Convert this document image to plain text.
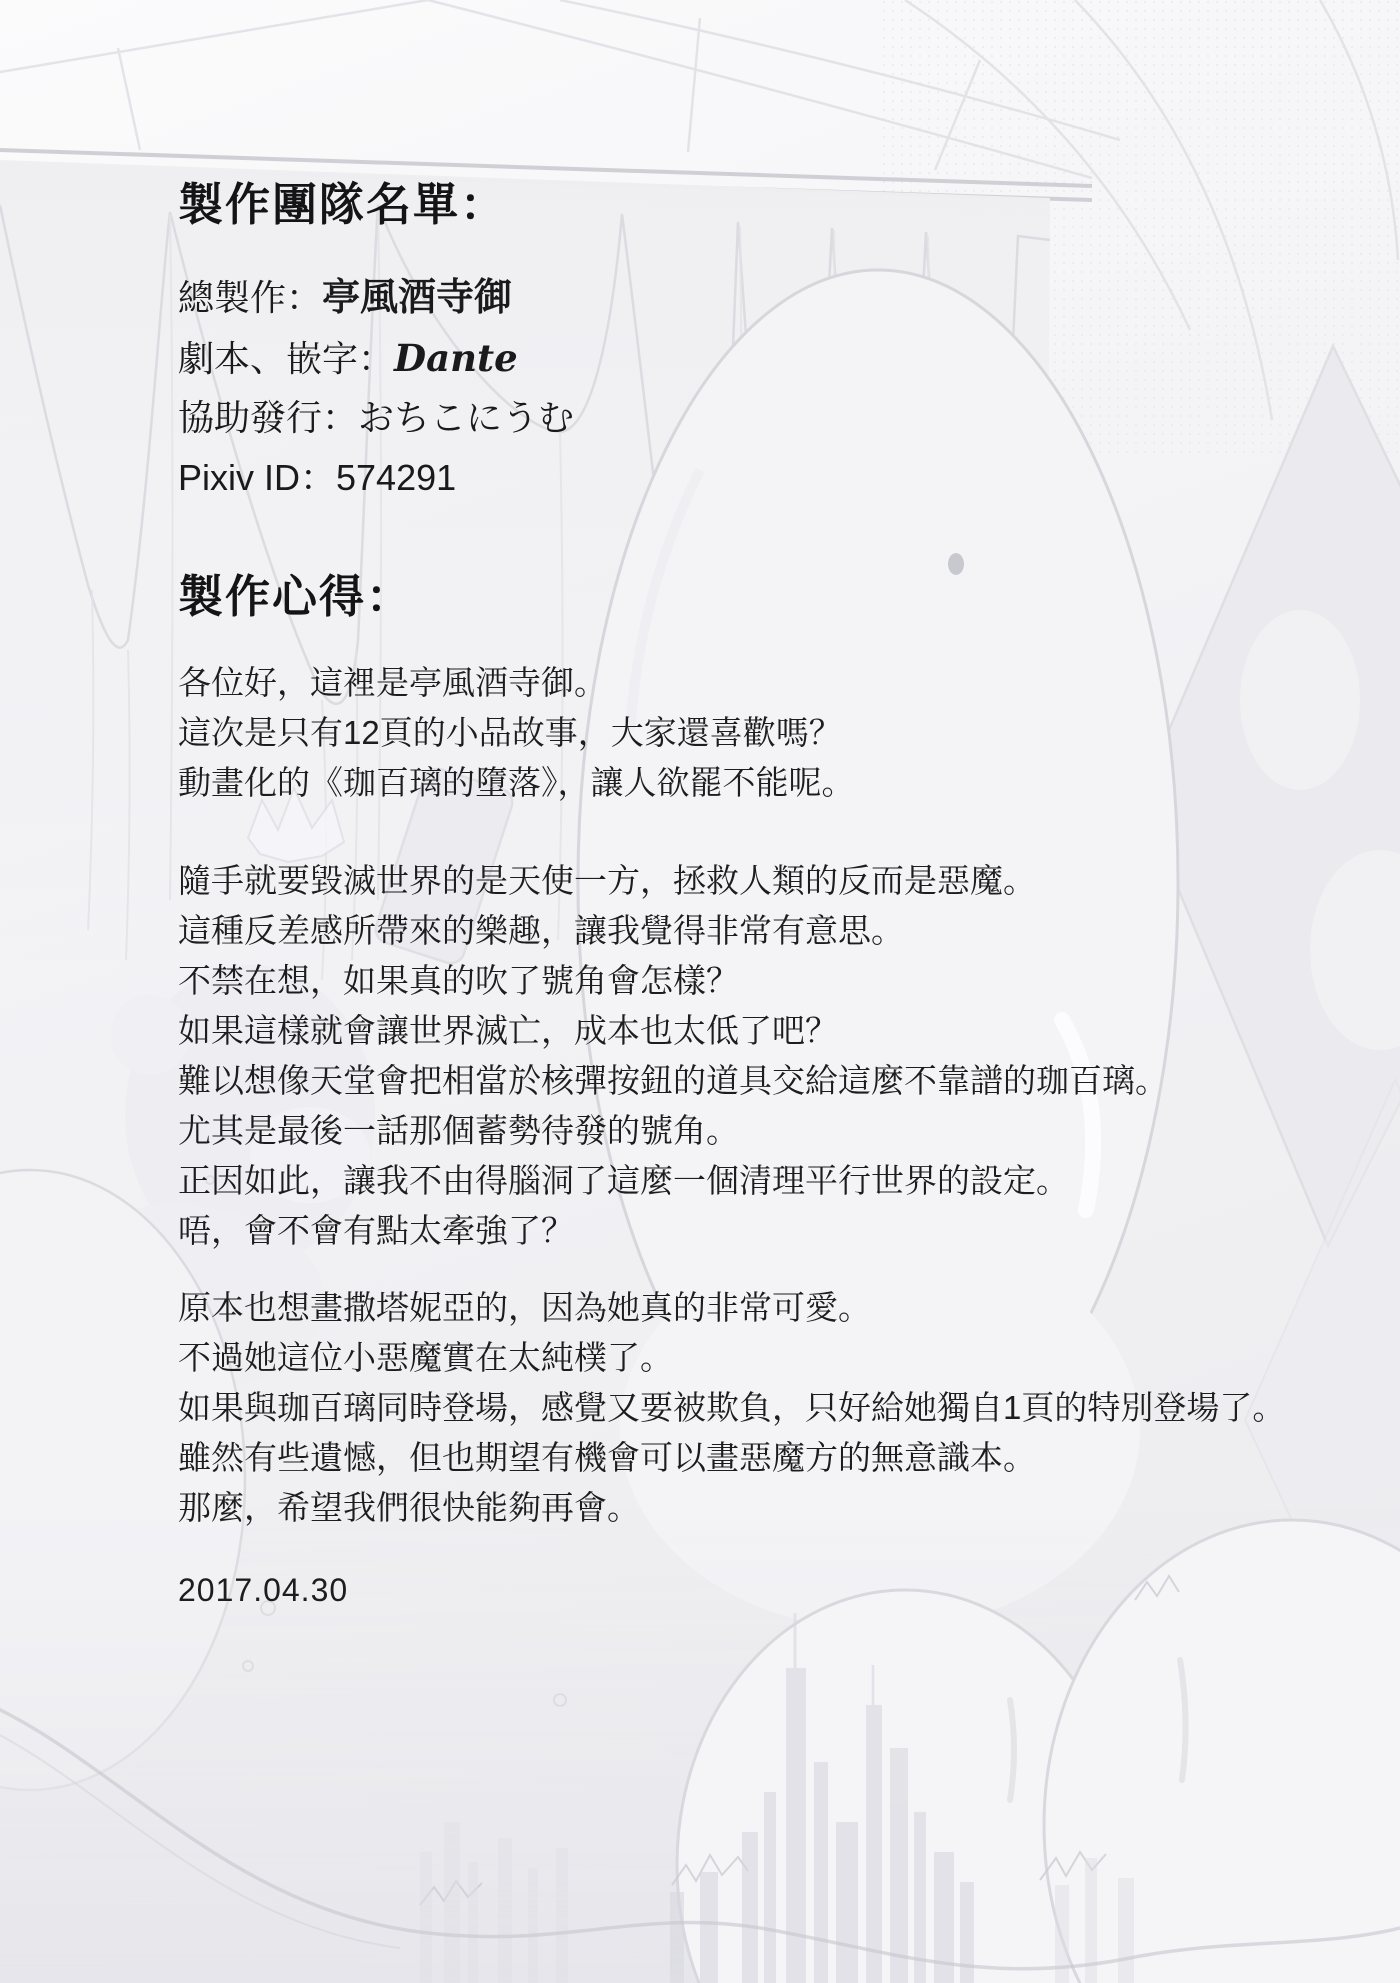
製作團隊名單：
總製作：亭風酒寺御
劇本、嵌字：Dante
協助發行：おちこにうむ
Pixiv ID：574291
製作心得：
各位好，這裡是亭風酒寺御。
這次是只有12頁的小品故事，大家還喜歡嗎？
動畫化的《珈百璃的墮落》，讓人欲罷不能呢。
隨手就要毀滅世界的是天使一方，拯救人類的反而是惡魔。
這種反差感所帶來的樂趣，讓我覺得非常有意思。
不禁在想，如果真的吹了號角會怎樣？
如果這樣就會讓世界滅亡，成本也太低了吧？
難以想像天堂會把相當於核彈按鈕的道具交給這麼不靠譜的珈百璃。
尤其是最後一話那個蓄勢待發的號角。
正因如此，讓我不由得腦洞了這麼一個清理平行世界的設定。
唔，會不會有點太牽強了？
原本也想畫撒塔妮亞的，因為她真的非常可愛。
不過她這位小惡魔實在太純樸了。
如果與珈百璃同時登場，感覺又要被欺負，只好給她獨自1頁的特別登場了。
雖然有些遺憾，但也期望有機會可以畫惡魔方的無意識本。
那麼，希望我們很快能夠再會。
2017.04.30
